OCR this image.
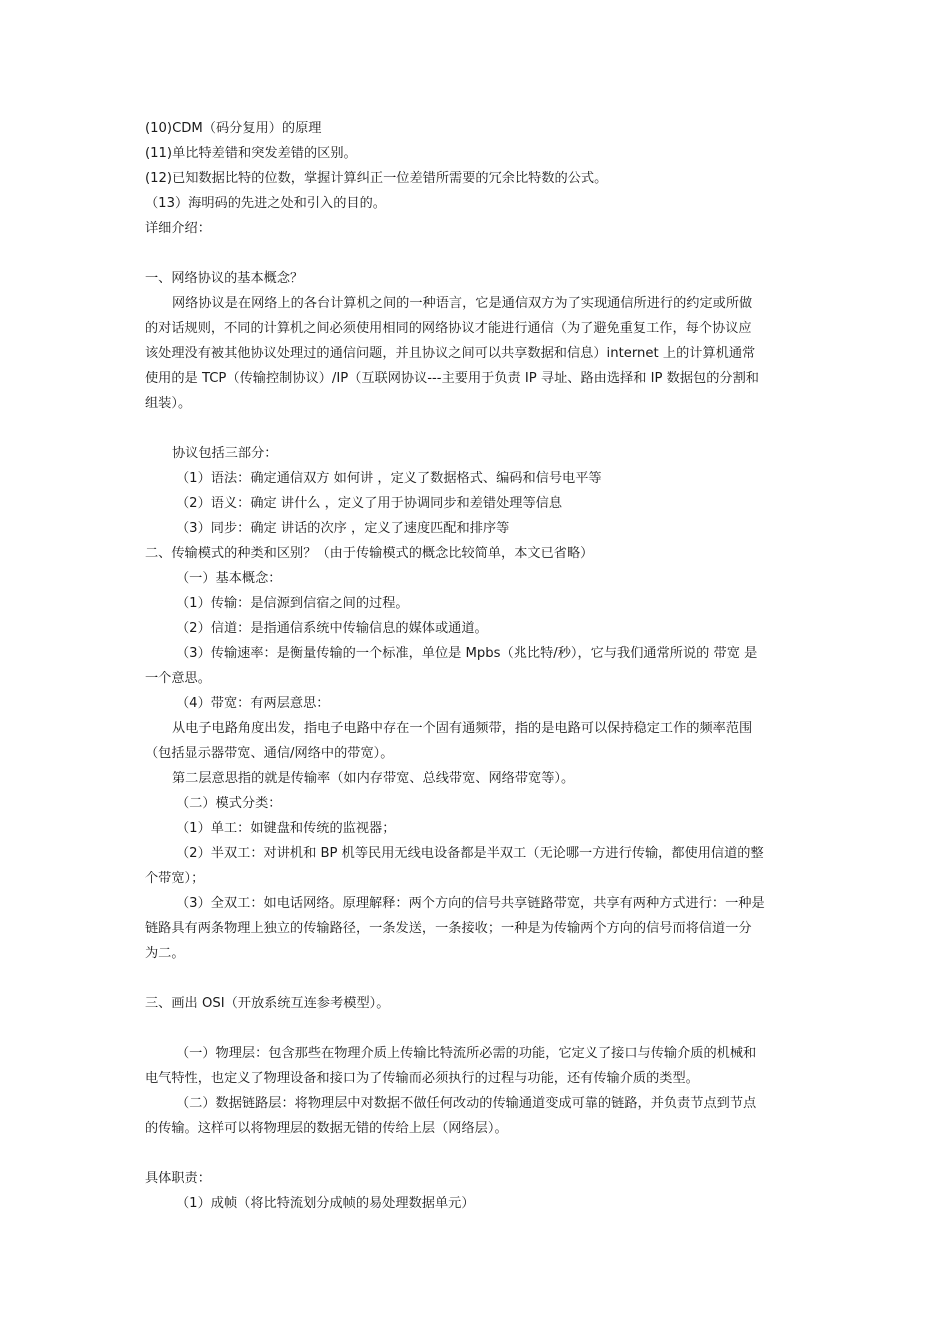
(10)CDM（码分复用）的原理
(11)单比特差错和突发差错的区别。
(12)已知数据比特的位数，掌握计算纠正一位差错所需要的冗余比特数的公式。
（13）海明码的先进之处和引入的目的。
详细介绍：
一、网络协议的基本概念？
网络协议是在网络上的各台计算机之间的一种语言，它是通信双方为了实现通信所进行的约定或所做
的对话规则，不同的计算机之间必须使用相同的网络协议才能进行通信（为了避免重复工作，每个协议应
该处理没有被其他协议处理过的通信问题，并且协议之间可以共享数据和信息）internet 上的计算机通常
使用的是 TCP（传输控制协议）/IP（互联网协议---主要用于负责 IP 寻址、路由选择和 IP 数据包的分割和
组装）。
协议包括三部分：
（1）语法：确定通信双方 如何讲 ，定义了数据格式、编码和信号电平等
（2）语义：确定 讲什么 ，定义了用于协调同步和差错处理等信息
（3）同步：确定 讲话的次序 ，定义了速度匹配和排序等
二、传输模式的种类和区别？（由于传输模式的概念比较简单，本文已省略）
（一）基本概念：
（1）传输：是信源到信宿之间的过程。
（2）信道：是指通信系统中传输信息的媒体或通道。
（3）传输速率：是衡量传输的一个标准，单位是 Mpbs（兆比特/秒），它与我们通常所说的 带宽 是
一个意思。
（4）带宽：有两层意思：
从电子电路角度出发，指电子电路中存在一个固有通频带，指的是电路可以保持稳定工作的频率范围
（包括显示器带宽、通信/网络中的带宽）。
第二层意思指的就是传输率（如内存带宽、总线带宽、网络带宽等）。
（二）模式分类：
（1）单工：如键盘和传统的监视器；
（2）半双工：对讲机和 BP 机等民用无线电设备都是半双工（无论哪一方进行传输，都使用信道的整
个带宽）；
（3）全双工：如电话网络。原理解释：两个方向的信号共享链路带宽，共享有两种方式进行：一种是
链路具有两条物理上独立的传输路径，一条发送，一条接收；一种是为传输两个方向的信号而将信道一分
为二。
三、画出 OSI（开放系统互连参考模型）。
（一）物理层：包含那些在物理介质上传输比特流所必需的功能，它定义了接口与传输介质的机械和
电气特性，也定义了物理设备和接口为了传输而必须执行的过程与功能，还有传输介质的类型。
（二）数据链路层：将物理层中对数据不做任何改动的传输通道变成可靠的链路，并负责节点到节点
的传输。这样可以将物理层的数据无错的传给上层（网络层）。
具体职责：
（1）成帧（将比特流划分成帧的易处理数据单元）
